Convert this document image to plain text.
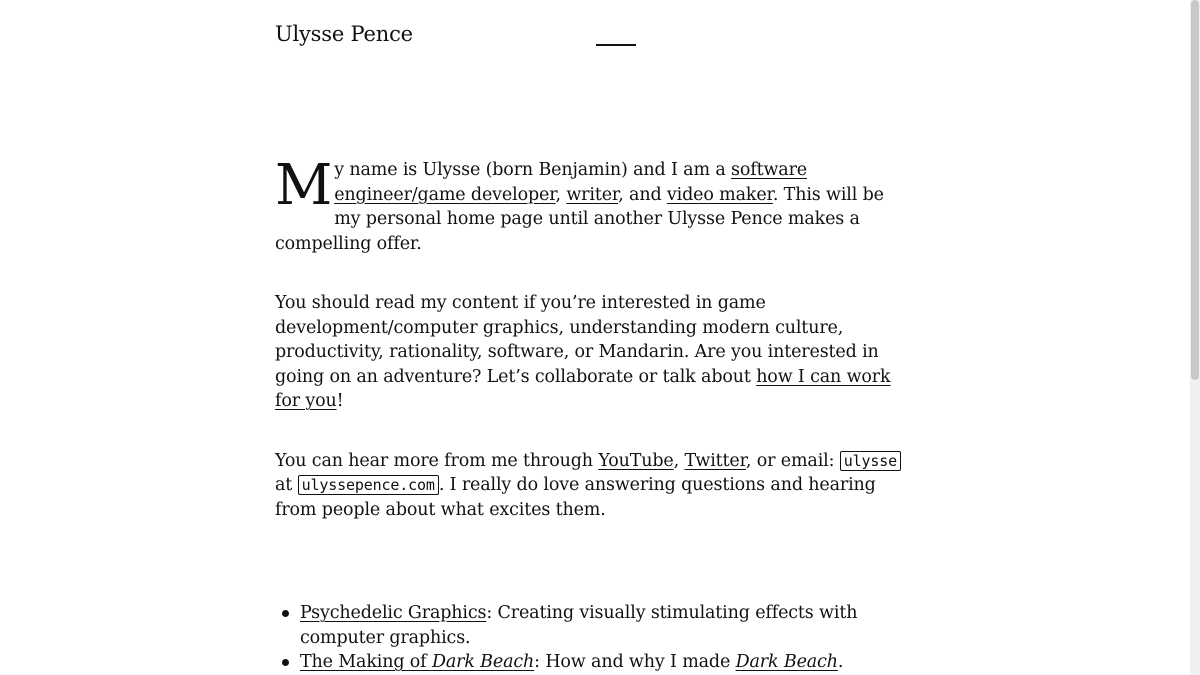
Ulysse Pence

My name is Ulysse (born Benjamin) and I am a software engineer/game developer, writer, and video maker. This will be my personal home page until another Ulysse Pence makes a compelling offer.

You should read my content if you’re interested in game development/computer graphics, understanding modern culture, productivity, rationality, software, or Mandarin. Are you interested in going on an adventure? Let’s collaborate or talk about how I can work for you!

You can hear more from me through YouTube, Twitter, or email: ulysse at ulyssepence.com . I really do love answering questions and hearing from people about what excites them.

Psychedelic Graphics: Creating visually stimulating effects with computer graphics.
The Making of Dark Beach: How and why I made Dark Beach.
